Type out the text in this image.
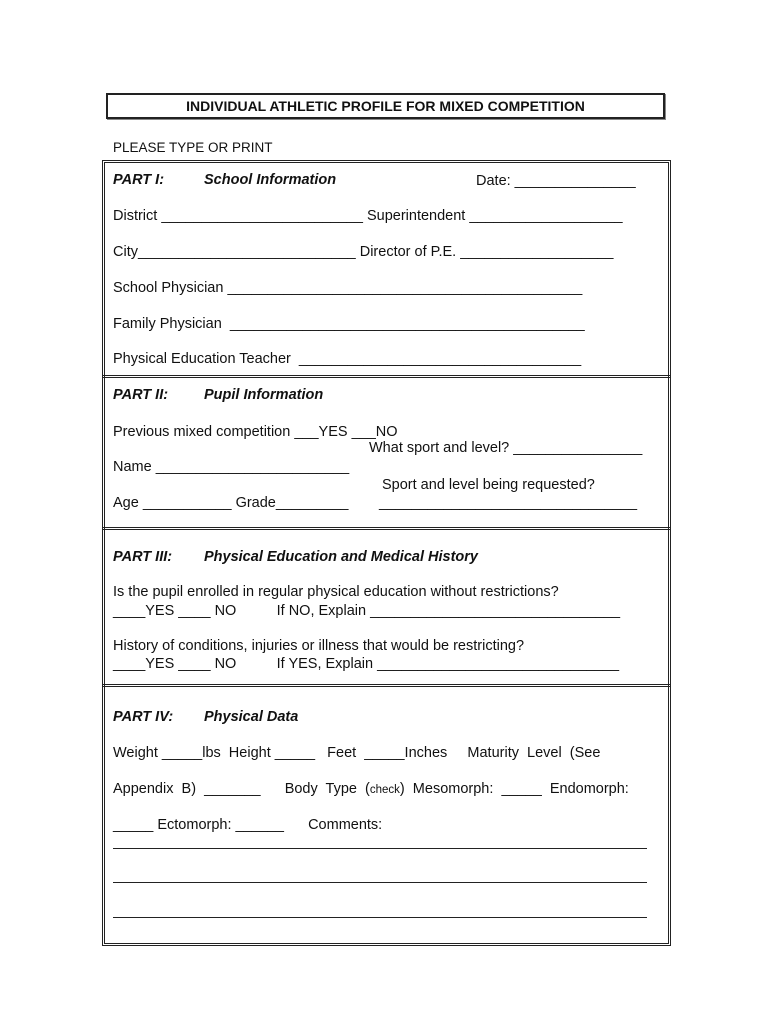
INDIVIDUAL ATHLETIC PROFILE FOR MIXED COMPETITION
PLEASE TYPE OR PRINT
PART I:	School Information	Date: _______________
District _________________________ Superintendent ___________________
City___________________________ Director of P.E. ___________________
School Physician ____________________________________________
Family Physician  ____________________________________________
Physical Education Teacher  ___________________________________
PART II: Pupil Information
Previous mixed competition ___YES ___NO
What sport and level? ________________
Name ________________________
Sport and level being requested?
Age ___________ Grade_________ ________________________________
PART III: Physical Education and Medical History
Is the pupil enrolled in regular physical education without restrictions?
____YES ____ NO          If NO, Explain _______________________________
History of conditions, injuries or illness that would be restricting?
____YES ____ NO          If YES, Explain ______________________________
PART IV: Physical Data
Weight _____lbs  Height _____   Feet  _____Inches     Maturity  Level  (See
Appendix  B)  _______      Body  Type  (check)  Mesomorph:  _____  Endomorph:
_____ Ectomorph: ______      Comments:
